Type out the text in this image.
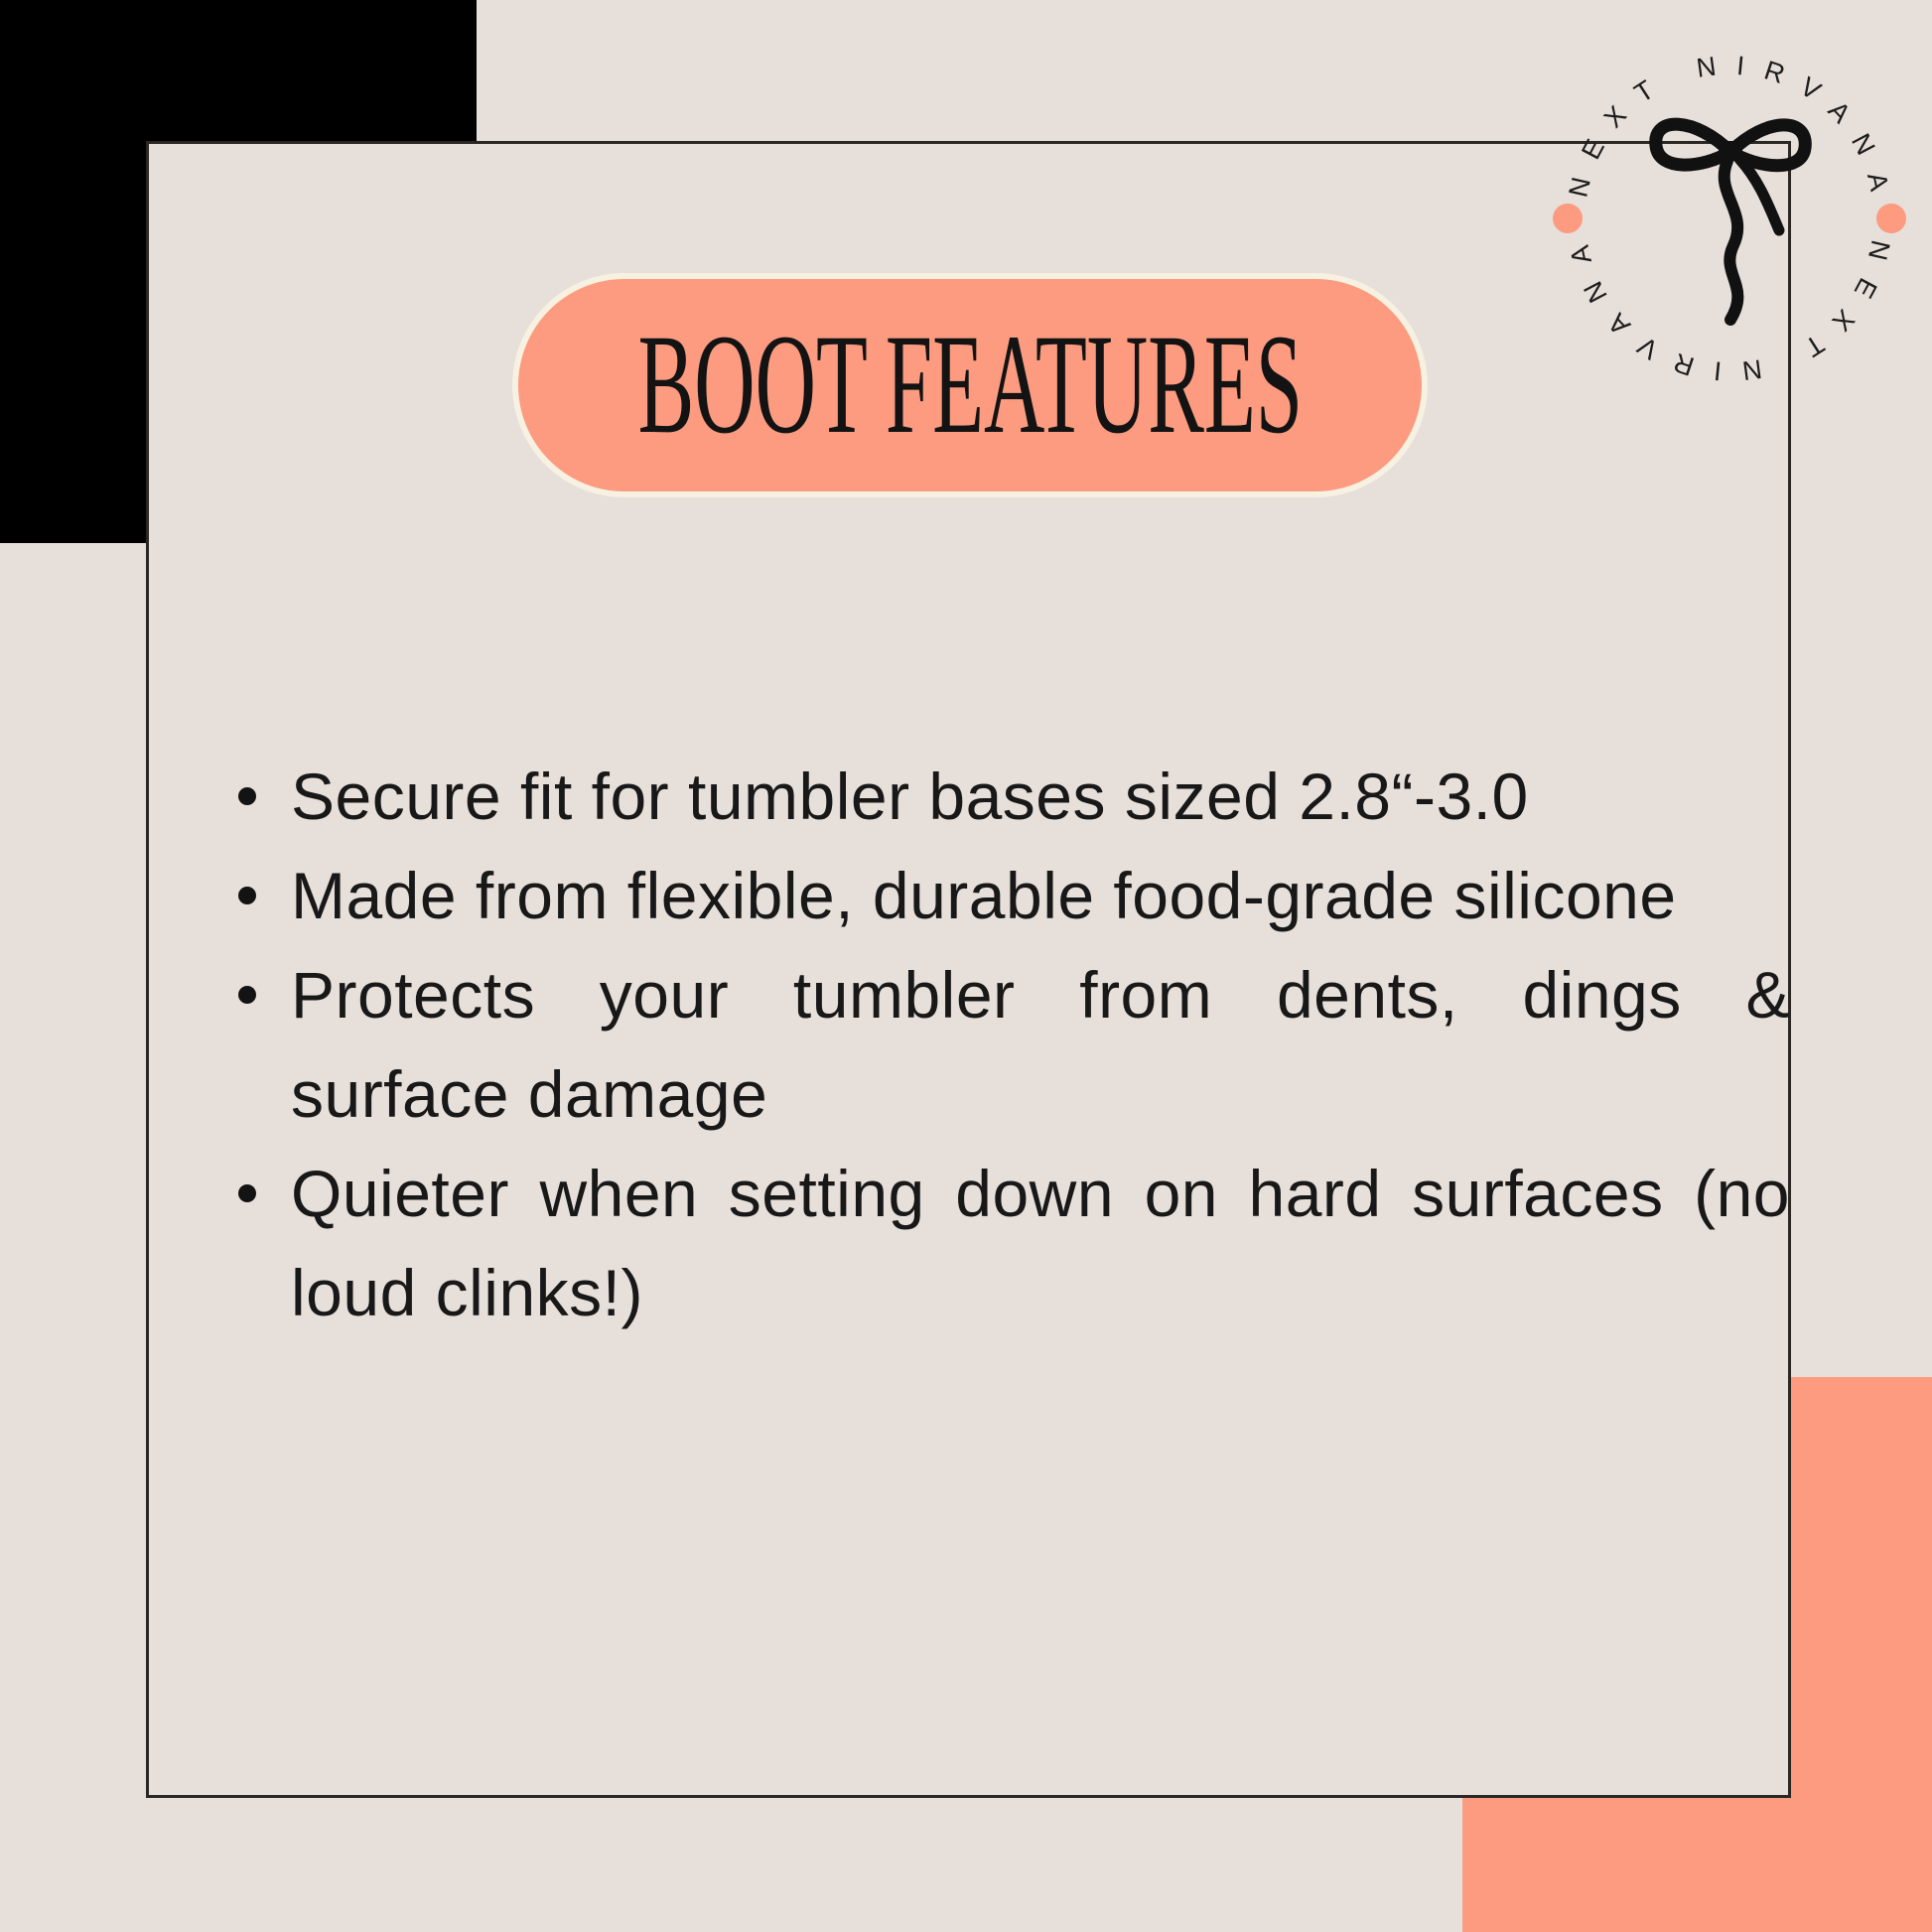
BOOT FEATURES
Secure fit for tumbler bases sized 2.8“-3.0
Made from flexible, durable food-grade silicone
Protects your tumbler from dents, dings &
surface damage
Quieter when setting down on hard surfaces (no
loud clinks!)
NEXT NIRVANA
NEXT NIRVANA
